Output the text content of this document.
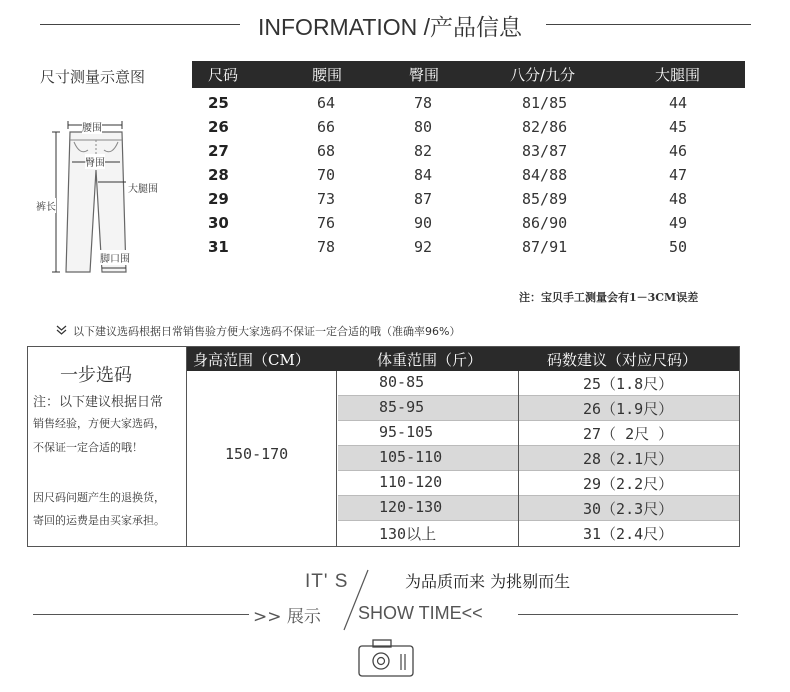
INFORMATION /产品信息
尺寸测量示意图	尺码	腰围	臀围	八分/九分	大腿围
25	64	78	81/85	44
26	66	80	82/86	45
27	68	82	83/87	46
28	70	84	84/88	47
29	73	87	85/89	48
30	76	90	86/90	49
31	78	92	87/91	50
腰围
臀围
大腿围
裤长
脚口围
注：宝贝手工测量会有1－3CM误差
以下建议选码根据日常销售验方便大家选码不保证一定合适的哦（准确率96%）
一步选码
注：以下建议根据日常
销售经验，方便大家选码，
不保证一定合适的哦！
因尺码问题产生的退换货，
寄回的运费是由买家承担。
身高范围（CM）	体重范围（斤）	码数建议（对应尺码）
150-170
80-85	25（1.8尺）
85-95	26（1.9尺）
95-105	27（ 2尺 ）
105-110	28（2.1尺）
110-120	29（2.2尺）
120-130	30（2.3尺）
130以上	31（2.4尺）
IT' S	为品质而来 为挑剔而生
>> 展示 SHOW TIME<<
